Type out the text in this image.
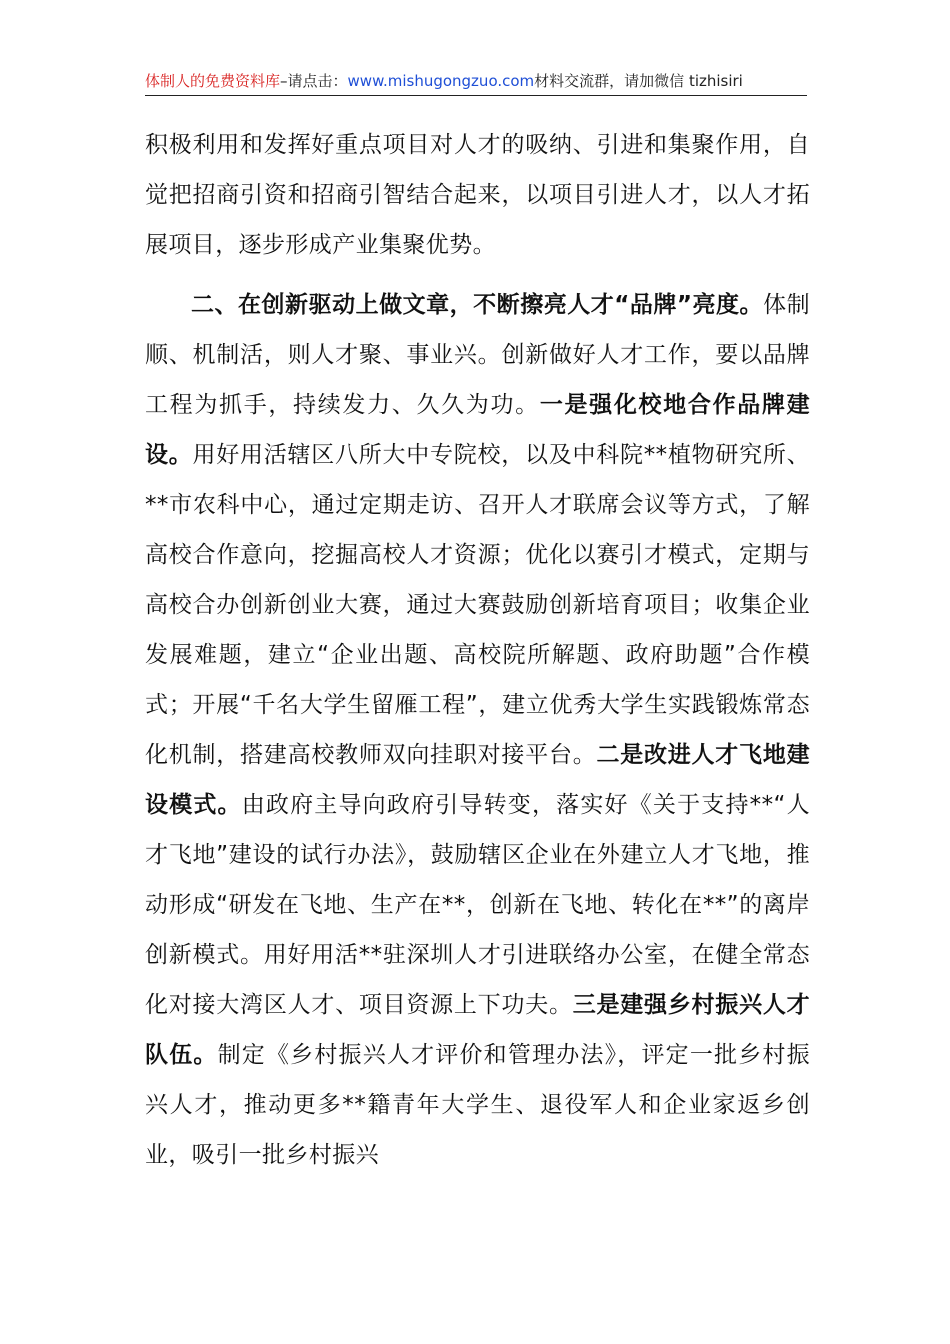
体制人的免费资料库–请点击：www.mishugongzuo.com材料交流群，请加微信 tizhisiri

积极利用和发挥好重点项目对人才的吸纳、引进和集聚作用，自觉把招商引资和招商引智结合起来，以项目引进人才，以人才拓展项目，逐步形成产业集聚优势。

二、在创新驱动上做文章，不断擦亮人才“品牌”亮度。体制顺、机制活，则人才聚、事业兴。创新做好人才工作，要以品牌工程为抓手，持续发力、久久为功。一是强化校地合作品牌建设。用好用活辖区八所大中专院校，以及中科院**植物研究所、**市农科中心，通过定期走访、召开人才联席会议等方式，了解高校合作意向，挖掘高校人才资源；优化以赛引才模式，定期与高校合办创新创业大赛，通过大赛鼓励创新培育项目；收集企业发展难题，建立“企业出题、高校院所解题、政府助题”合作模式；开展“千名大学生留雁工程”，建立优秀大学生实践锻炼常态化机制，搭建高校教师双向挂职对接平台。二是改进人才飞地建设模式。由政府主导向政府引导转变，落实好《关于支持**“人才飞地”建设的试行办法》，鼓励辖区企业在外建立人才飞地，推动形成“研发在飞地、生产在**，创新在飞地、转化在**”的离岸创新模式。用好用活**驻深圳人才引进联络办公室，在健全常态化对接大湾区人才、项目资源上下功夫。三是建强乡村振兴人才队伍。制定《乡村振兴人才评价和管理办法》，评定一批乡村振兴人才，推动更多**籍青年大学生、退役军人和企业家返乡创业，吸引一批乡村振兴
